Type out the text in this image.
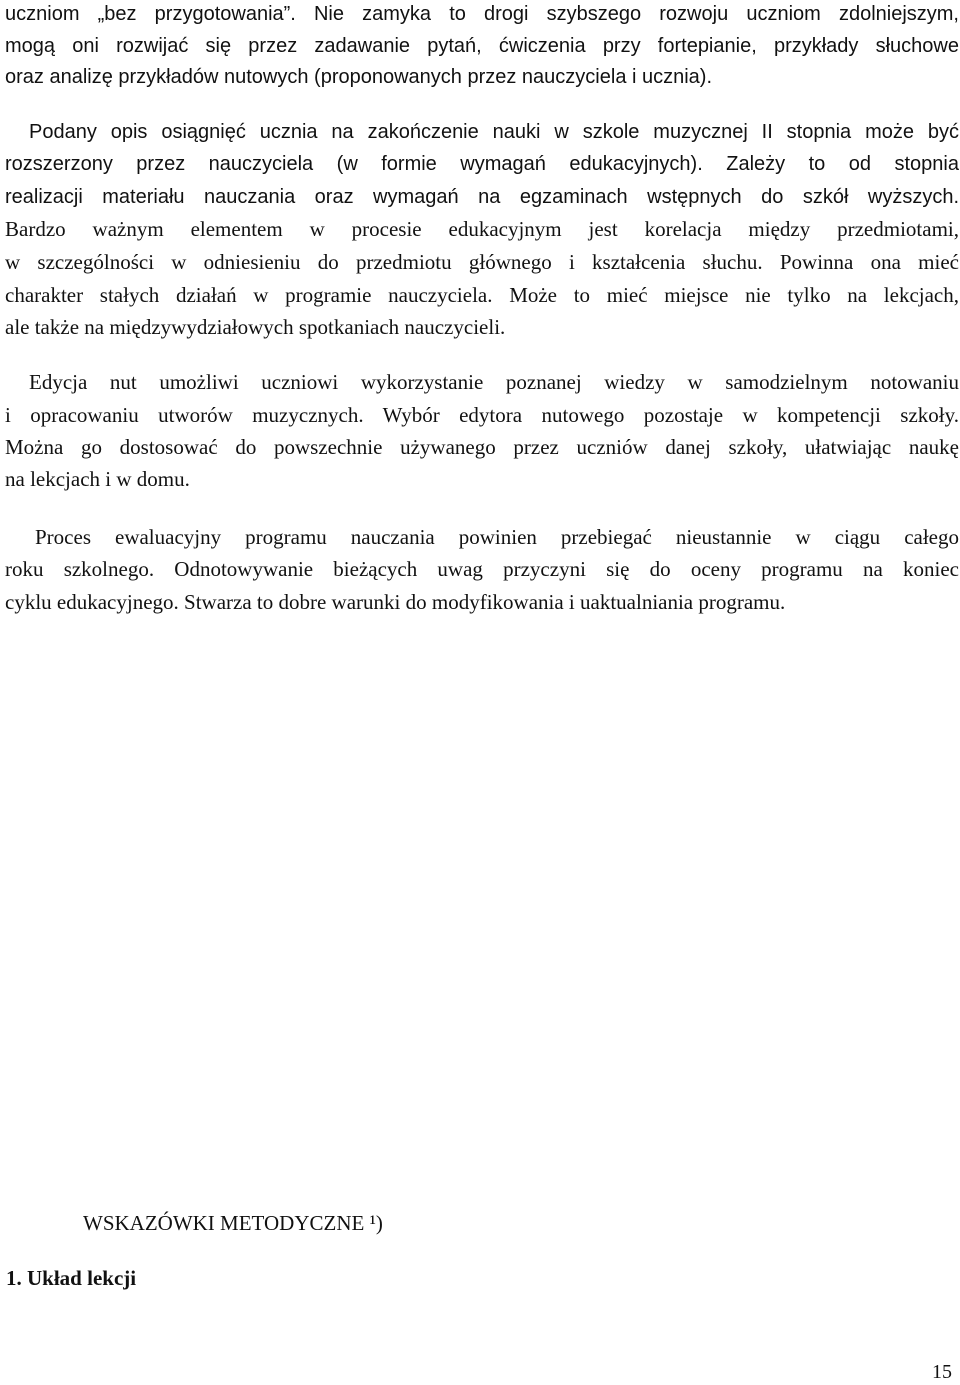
uczniom „bez przygotowania”. Nie zamyka to drogi szybszego rozwoju uczniom zdolniejszym,
mogą oni rozwijać się przez zadawanie pytań, ćwiczenia przy fortepianie, przykłady słuchowe
oraz analizę przykładów nutowych (proponowanych przez nauczyciela i ucznia).
Podany opis osiągnięć ucznia na zakończenie nauki w szkole muzycznej II stopnia może być
rozszerzony przez nauczyciela (w formie wymagań edukacyjnych). Zależy to od stopnia
realizacji materiału nauczania oraz wymagań na egzaminach wstępnych do szkół wyższych.
Bardzo ważnym elementem w procesie edukacyjnym jest korelacja między przedmiotami,
w szczególności w odniesieniu do przedmiotu głównego i kształcenia słuchu. Powinna ona mieć
charakter stałych działań w programie nauczyciela. Może to mieć miejsce nie tylko na lekcjach,
ale także na międzywydziałowych spotkaniach nauczycieli.
Edycja nut umożliwi uczniowi wykorzystanie poznanej wiedzy w samodzielnym notowaniu
i opracowaniu utworów muzycznych. Wybór edytora nutowego pozostaje w kompetencji szkoły.
Można go dostosować do powszechnie używanego przez uczniów danej szkoły, ułatwiając naukę
na lekcjach i w domu.
Proces ewaluacyjny programu nauczania powinien przebiegać nieustannie w ciągu całego
roku szkolnego. Odnotowywanie bieżących uwag przyczyni się do oceny programu na koniec
cyklu edukacyjnego. Stwarza to dobre warunki do modyfikowania i uaktualniania programu.
WSKAZÓWKI METODYCZNE ¹)
1. Układ lekcji
15
